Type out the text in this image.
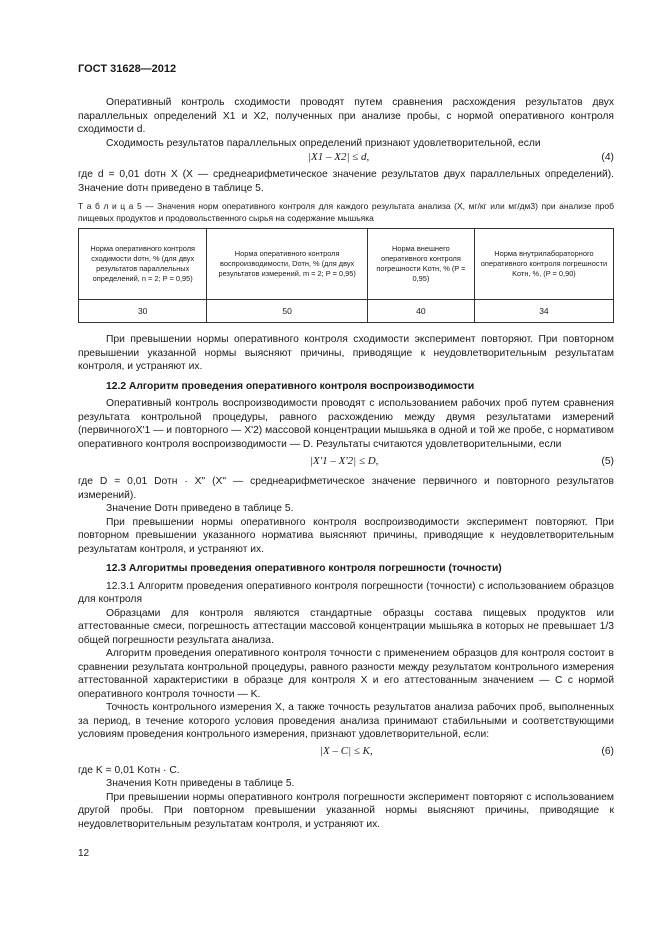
ГОСТ 31628—2012

Оперативный контроль сходимости проводят путем сравнения расхождения результатов двух параллельных определений X1 и X2, полученных при анализе пробы, с нормой оперативного контроля сходимости d.

Сходимость результатов параллельных определений признают удовлетворительной, если

|X1 – X2| ≤ d,	(4)

где d = 0,01 dотн X (X — среднеарифметическое значение результатов двух параллельных определений). Значение dотн приведено в таблице 5.

Т а б л и ц а 5 — Значения норм оперативного контроля для каждого результата анализа (X, мг/кг или мг/дм3) при анализе проб пищевых продуктов и продовольственного сырья на содержание мышьяка

Норма оперативного контроля сходимости dотн, % (для двух результатов параллельных определений, n = 2; P = 0,95)	Норма оперативного контроля воспроизводимости, Dотн, % (для двух результатов измерений, m = 2; P = 0,95)	Норма внешнего оперативного контроля погрешности Kотн, % (P = 0,95)	Норма внутрилабораторного оперативного контроля погрешности Kотн, %, (P = 0,90)
30	50	40	34

При превышении нормы оперативного контроля сходимости эксперимент повторяют. При повторном превышении указанной нормы выясняют причины, приводящие к неудовлетворительным результатам контроля, и устраняют их.

12.2 Алгоритм проведения оперативного контроля воспроизводимости

Оперативный контроль воспроизводимости проводят с использованием рабочих проб путем сравнения результата контрольной процедуры, равного расхождению между двумя результатами измерений (первичногоX'1 — и повторного — X'2) массовой концентрации мышьяка в одной и той же пробе, с нормативом оперативного контроля воспроизводимости — D. Результаты считаются удовлетворительными, если

|X'1 – X'2| ≤ D,	(5)

где D = 0,01 Dотн · X" (X" — среднеарифметическое значение первичного и повторного результатов измерений).

Значение Dотн приведено в таблице 5.

При превышении нормы оперативного контроля воспроизводимости эксперимент повторяют. При повторном превышении указанного норматива выясняют причины, приводящие к неудовлетворительным результатам контроля, и устраняют их.

12.3 Алгоритмы проведения оперативного контроля погрешности (точности)

12.3.1 Алгоритм проведения оперативного контроля погрешности (точности) с использованием образцов для контроля

Образцами для контроля являются стандартные образцы состава пищевых продуктов или аттестованные смеси, погрешность аттестации массовой концентрации мышьяка в которых не превышает 1/3 общей погрешности результата анализа.

Алгоритм проведения оперативного контроля точности с применением образцов для контроля состоит в сравнении результата контрольной процедуры, равного разности между результатом контрольного измерения аттестованной характеристики в образце для контроля X и его аттестованным значением — С с нормой оперативного контроля точности — K.

Точность контрольного измерения X, а также точность результатов анализа рабочих проб, выполненных за период, в течение которого условия проведения анализа принимают стабильными и соответствующими условиям проведения контрольного измерения, признают удовлетворительной, если:

|X – C| ≤ K,	(6)

где K = 0,01 Kотн · C.

Значения Kотн приведены в таблице 5.

При превышении нормы оперативного контроля погрешности эксперимент повторяют с использованием другой пробы. При повторном превышении указанной нормы выясняют причины, приводящие к неудовлетворительным результатам контроля, и устраняют их.

12
